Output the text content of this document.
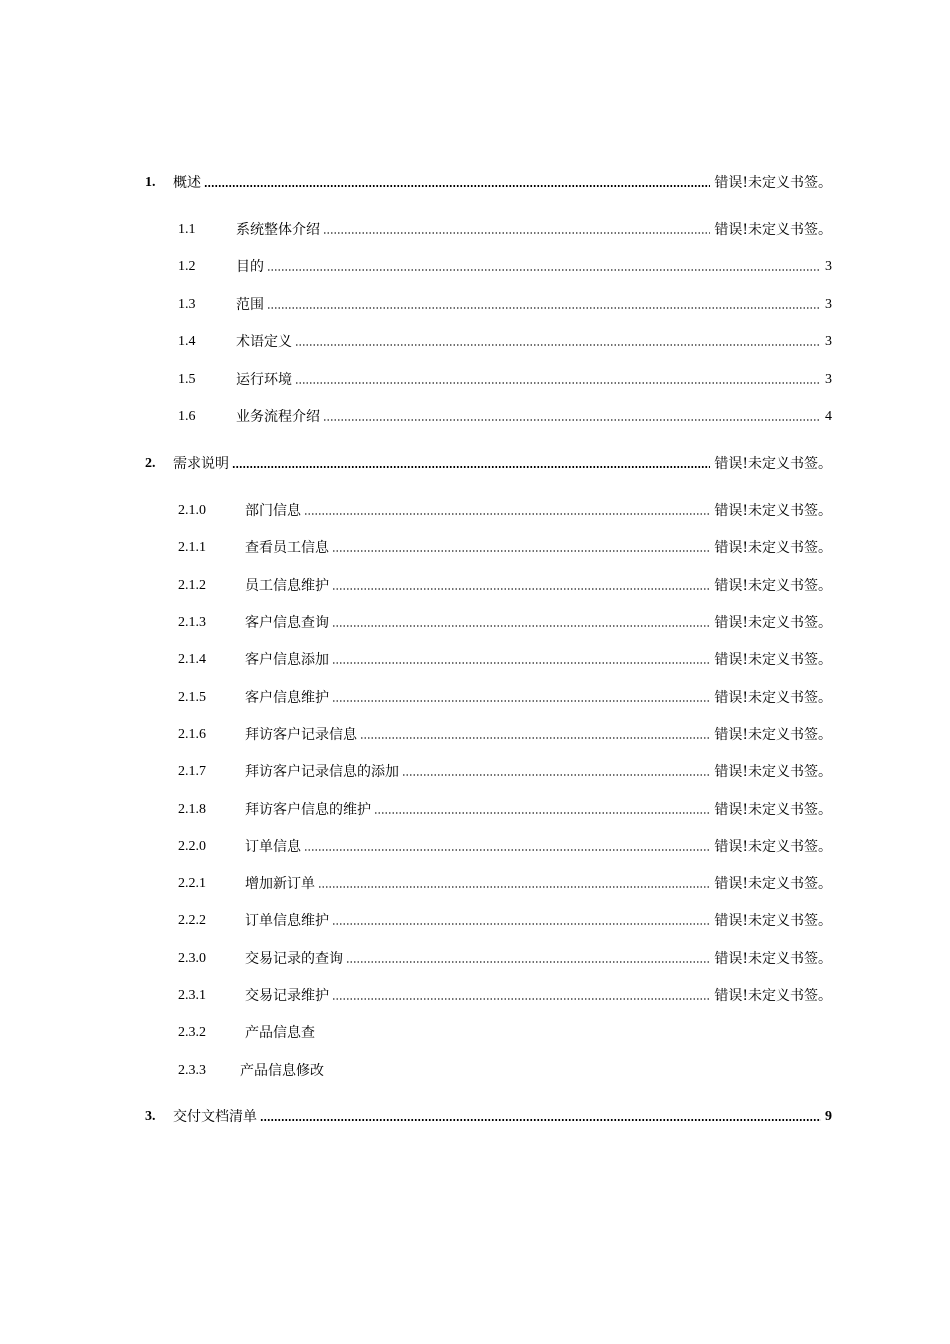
1.	概述	错误!未定义书签。
1.1	系统整体介绍	错误!未定义书签。
1.2	目的	3
1.3	范围	3
1.4	术语定义	3
1.5	运行环境	3
1.6	业务流程介绍	4
2.	需求说明	错误!未定义书签。
2.1.0	部门信息	错误!未定义书签。
2.1.1	查看员工信息	错误!未定义书签。
2.1.2	员工信息维护	错误!未定义书签。
2.1.3	客户信息查询	错误!未定义书签。
2.1.4	客户信息添加	错误!未定义书签。
2.1.5	客户信息维护	错误!未定义书签。
2.1.6	拜访客户记录信息	错误!未定义书签。
2.1.7	拜访客户记录信息的添加	错误!未定义书签。
2.1.8	拜访客户信息的维护	错误!未定义书签。
2.2.0	订单信息	错误!未定义书签。
2.2.1	增加新订单	错误!未定义书签。
2.2.2	订单信息维护	错误!未定义书签。
2.3.0	交易记录的查询	错误!未定义书签。
2.3.1	交易记录维护	错误!未定义书签。
2.3.2	产品信息查
2.3.3	产品信息修改
3.	交付文档清单	9
